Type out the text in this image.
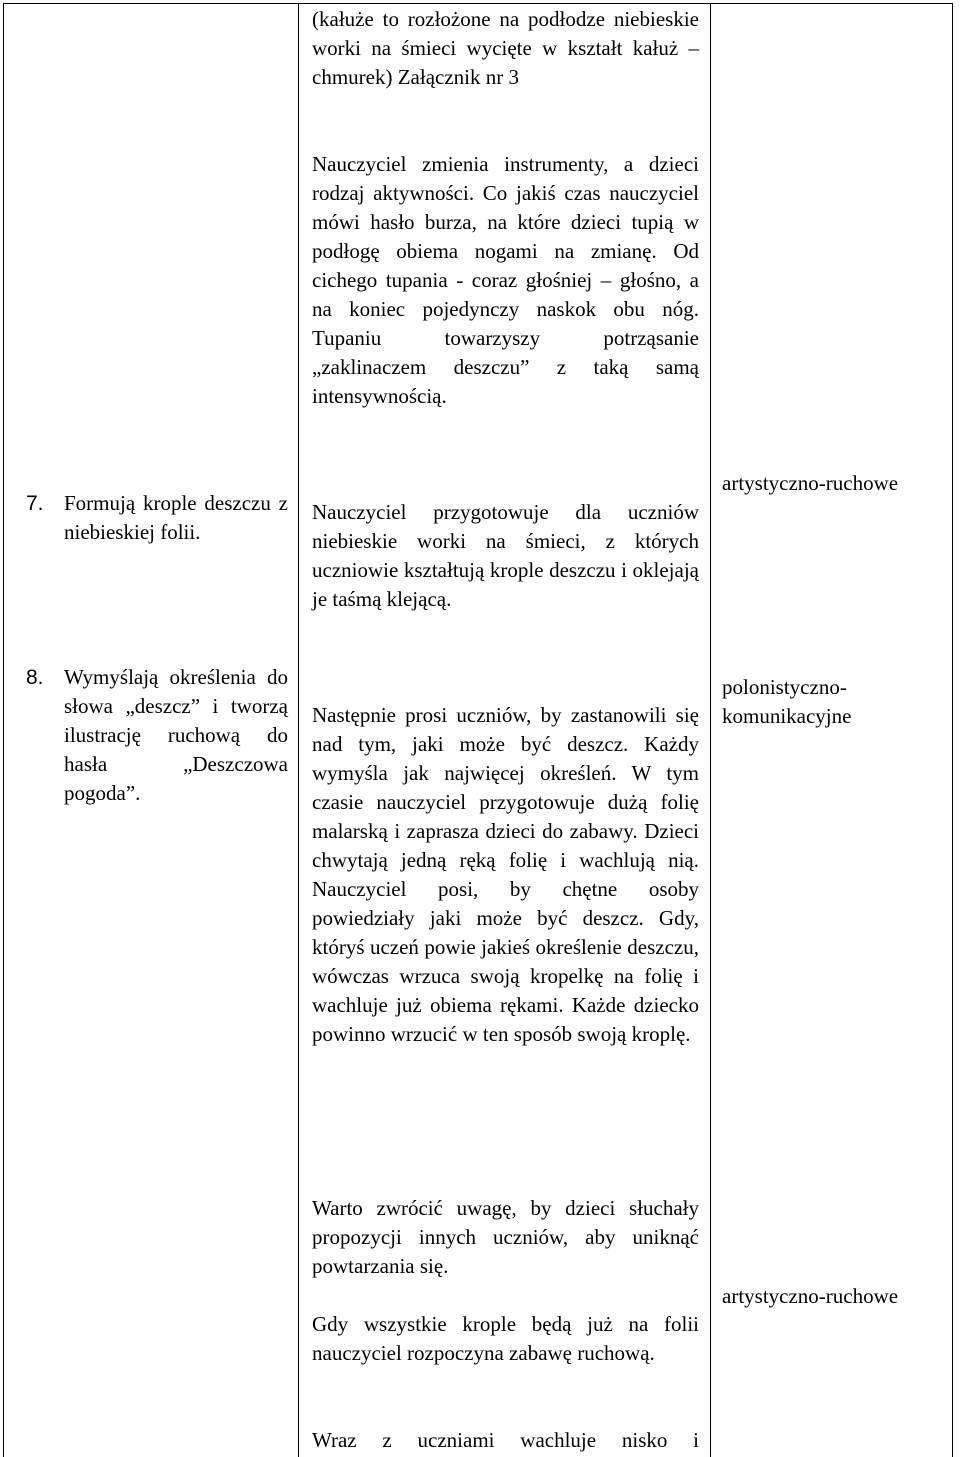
(kałuże to rozłożone na podłodze niebieskie worki na śmieci wycięte w kształt kałuż – chmurek) Załącznik nr 3
Nauczyciel zmienia instrumenty, a dzieci rodzaj aktywności. Co jakiś czas nauczyciel mówi hasło burza, na które dzieci tupią w podłogę obiema nogami na zmianę. Od cichego tupania - coraz głośniej – głośno, a na koniec pojedynczy naskok obu nóg. Tupaniu towarzyszy potrząsanie „zaklinaczem deszczu” z taką samą intensywnością.
7. Formują krople deszczu z niebieskiej folii.
Nauczyciel przygotowuje dla uczniów niebieskie worki na śmieci, z których uczniowie kształtują krople deszczu i oklejają je taśmą klejącą.
artystyczno-ruchowe
8. Wymyślają określenia do słowa „deszcz” i tworzą ilustrację ruchową do hasła „Deszczowa pogoda”.
Następnie prosi uczniów, by zastanowili się nad tym, jaki może być deszcz. Każdy wymyśla jak najwięcej określeń. W tym czasie nauczyciel przygotowuje dużą folię malarską i zaprasza dzieci do zabawy. Dzieci chwytają jedną ręką folię i wachlują nią. Nauczyciel posi, by chętne osoby powiedziały jaki może być deszcz. Gdy, któryś uczeń powie jakieś określenie deszczu, wówczas wrzuca swoją kropelkę na folię i wachluje już obiema rękami. Każde dziecko powinno wrzucić w ten sposób swoją kroplę.
polonistyczno-
komunikacyjne
Warto zwrócić uwagę, by dzieci słuchały propozycji innych uczniów, aby uniknąć powtarzania się.
Gdy wszystkie krople będą już na folii nauczyciel rozpoczyna zabawę ruchową.
Wraz z uczniami wachluje nisko i
artystyczno-ruchowe
